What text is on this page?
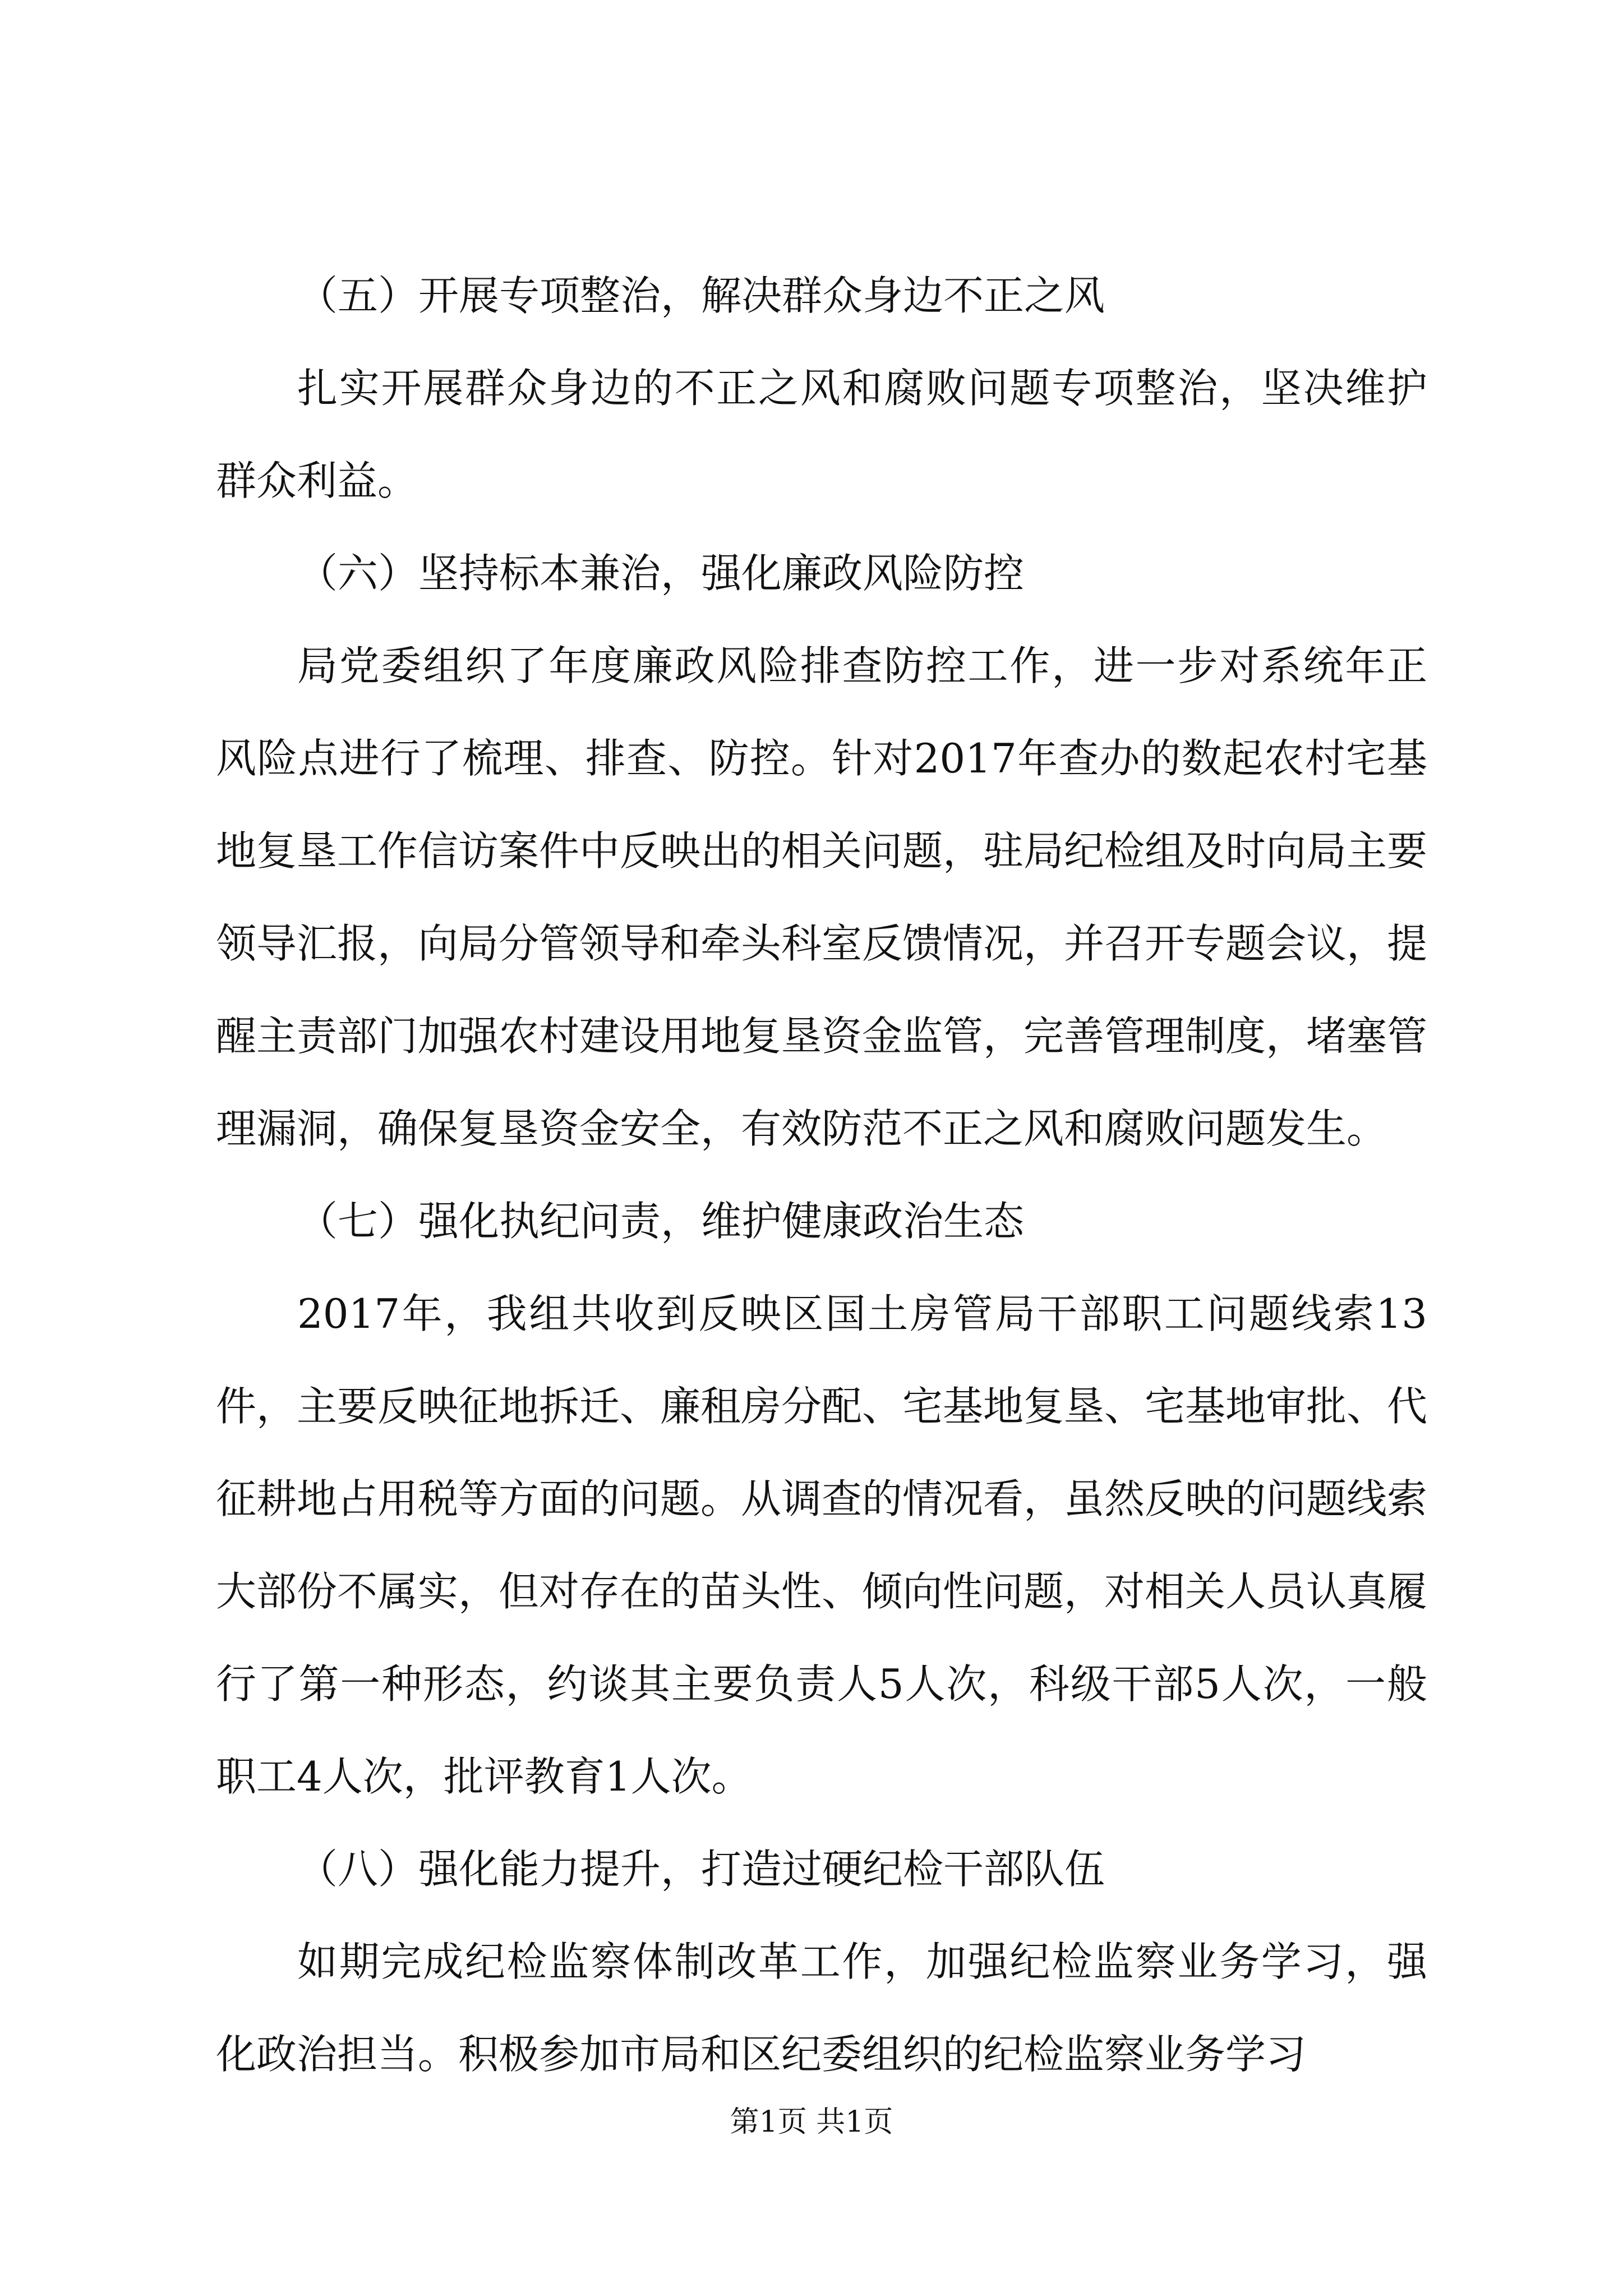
（五）开展专项整治，解决群众身边不正之风

扎实开展群众身边的不正之风和腐败问题专项整治，坚决维护群众利益。

（六）坚持标本兼治，强化廉政风险防控

局党委组织了年度廉政风险排查防控工作，进一步对系统年正风险点进行了梳理、排查、防控。针对2017年查办的数起农村宅基地复垦工作信访案件中反映出的相关问题，驻局纪检组及时向局主要领导汇报，向局分管领导和牵头科室反馈情况，并召开专题会议，提醒主责部门加强农村建设用地复垦资金监管，完善管理制度，堵塞管理漏洞，确保复垦资金安全，有效防范不正之风和腐败问题发生。

（七）强化执纪问责，维护健康政治生态

2017年，我组共收到反映区国土房管局干部职工问题线索13件，主要反映征地拆迁、廉租房分配、宅基地复垦、宅基地审批、代征耕地占用税等方面的问题。从调查的情况看，虽然反映的问题线索大部份不属实，但对存在的苗头性、倾向性问题，对相关人员认真履行了第一种形态，约谈其主要负责人5人次，科级干部5人次，一般职工4人次，批评教育1人次。

（八）强化能力提升，打造过硬纪检干部队伍

如期完成纪检监察体制改革工作，加强纪检监察业务学习，强化政治担当。积极参加市局和区纪委组织的纪检监察业务学习

第1页 共1页
